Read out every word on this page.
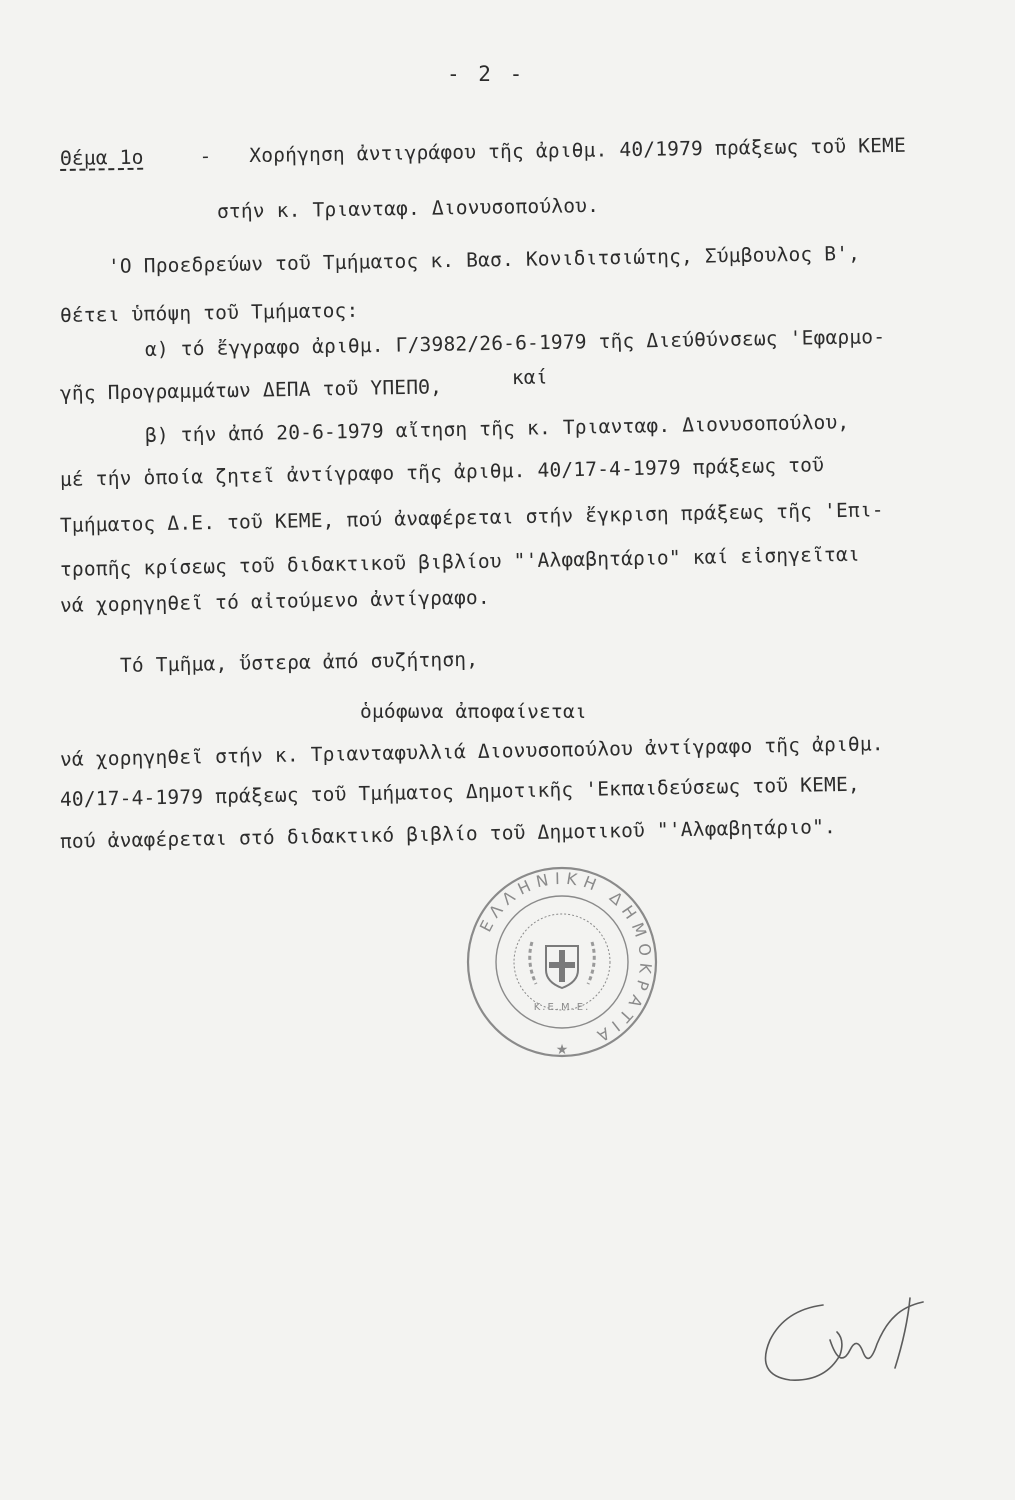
- 2 -
Θέμα 1ο	- Χορήγηση ἀντιγράφου τῆς ἀριθμ. 40/1979 πράξεως τοῦ ΚΕΜΕ
στήν κ. Τριανταφ. Διονυσοπούλου.
'Ο Προεδρεύων τοῦ Τμήματος κ. Βασ. Κονιδιτσιώτης, Σύμβουλος Β',
θέτει ὑπόψη τοῦ Τμήματος:
α) τό ἔγγραφο ἀριθμ. Γ/3982/26-6-1979 τῆς Διεύθύνσεως 'Εφαρμο-
γῆς Προγραμμάτων ΔΕΠΑ τοῦ ΥΠΕΠΘ,	καί
β) τήν ἀπό 20-6-1979 αἴτηση τῆς κ. Τριανταφ. Διονυσοπούλου,
μέ τήν ὁποία ζητεῖ ἀντίγραφο τῆς ἀριθμ. 40/17-4-1979 πράξεως τοῦ
Τμήματος Δ.Ε. τοῦ ΚΕΜΕ, πού ἀναφέρεται στήν ἔγκριση πράξεως τῆς 'Επι-
τροπῆς κρίσεως τοῦ διδακτικοῦ βιβλίου "'Αλφαβητάριο" καί εἰσηγεῖται
νά χορηγηθεῖ τό αἰτούμενο ἀντίγραφο.
Τό Τμῆμα, ὕστερα ἀπό συζήτηση,
ὁμόφωνα ἀποφαίνεται
νά χορηγηθεῖ στήν κ. Τριανταφυλλιά Διονυσοπούλου ἀντίγραφο τῆς ἀριθμ.
40/17-4-1979 πράξεως τοῦ Τμήματος Δημοτικῆς 'Εκπαιδεύσεως τοῦ ΚΕΜΕ,
πού ἀναφέρεται στό διδακτικό βιβλίο τοῦ Δημοτικοῦ "'Αλφαβητάριο".
ΕΛΛΗΝΙΚΗ ΔΗΜΟΚΡΑΤΙΑ
Κ.Ε.Μ.Ε.
★
